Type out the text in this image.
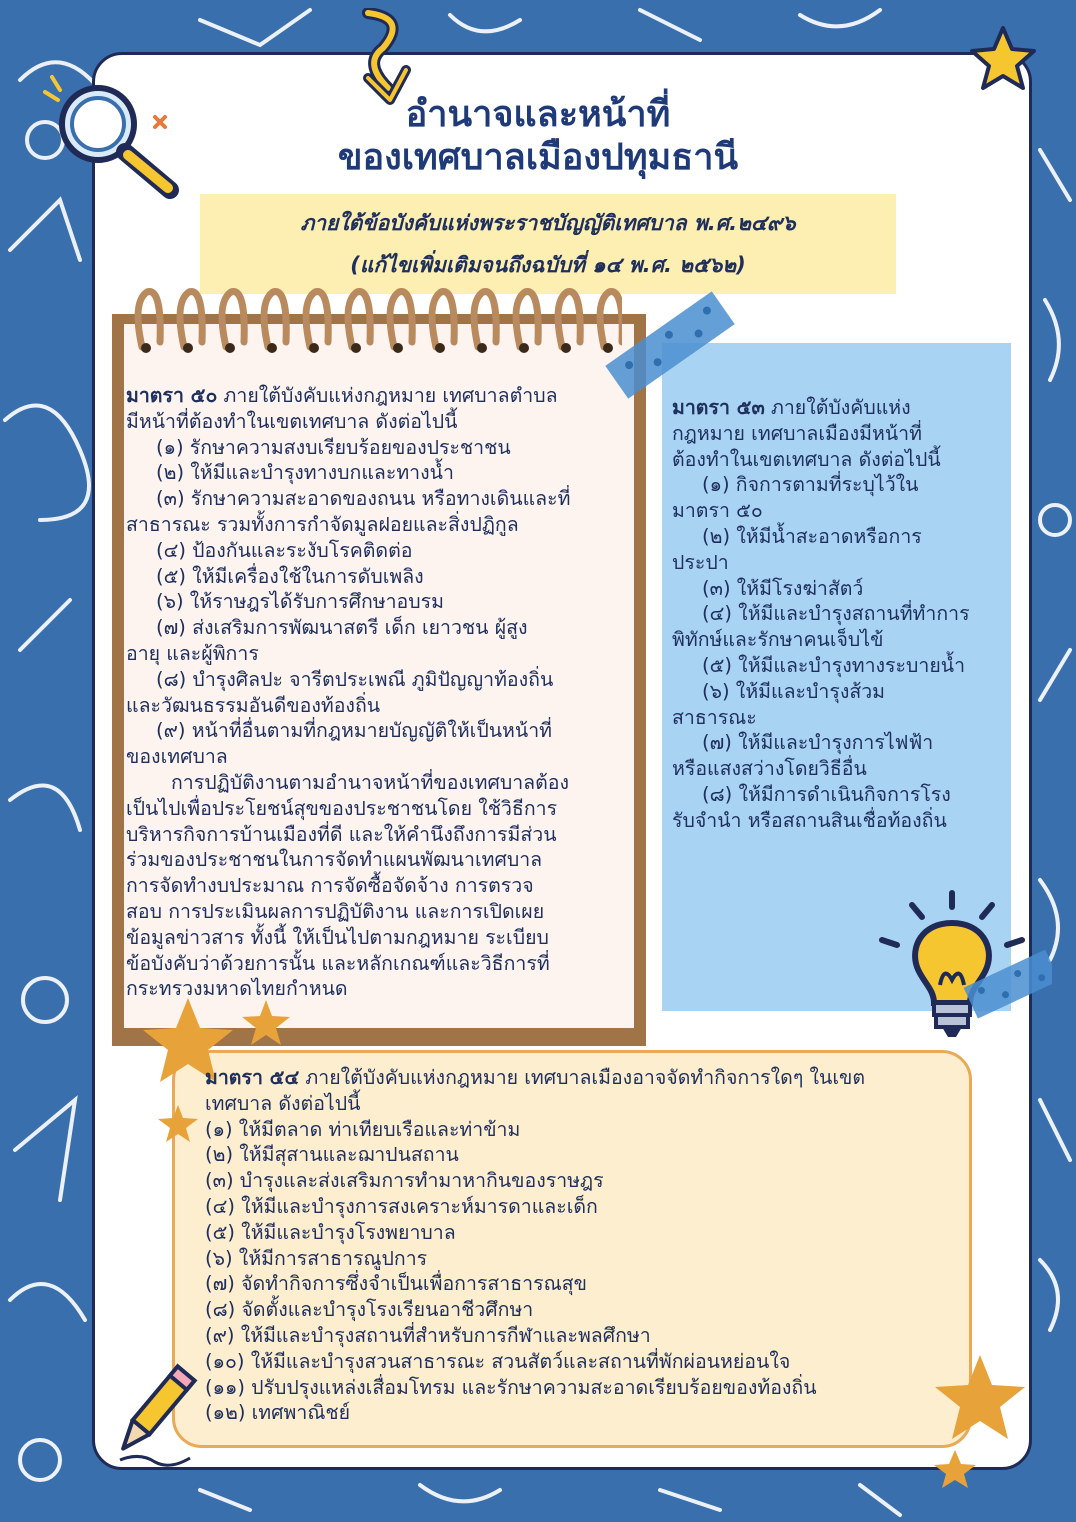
อำนาจและหน้าที่
ของเทศบาลเมืองปทุมธานี
ภายใต้ข้อบังคับแห่งพระราชบัญญัติเทศบาล พ.ศ.๒๔๙๖
(แก้ไขเพิ่มเติมจนถึงฉบับที่ ๑๔ พ.ศ. ๒๕๖๒)
มาตรา ๕๐ ภายใต้บังคับแห่งกฎหมาย เทศบาลตำบล
มีหน้าที่ต้องทำในเขตเทศบาล ดังต่อไปนี้
(๑) รักษาความสงบเรียบร้อยของประชาชน
(๒) ให้มีและบำรุงทางบกและทางน้ำ
(๓) รักษาความสะอาดของถนน หรือทางเดินและที่
สาธารณะ รวมทั้งการกำจัดมูลฝอยและสิ่งปฏิกูล
(๔) ป้องกันและระงับโรคติดต่อ
(๕) ให้มีเครื่องใช้ในการดับเพลิง
(๖) ให้ราษฎรได้รับการศึกษาอบรม
(๗) ส่งเสริมการพัฒนาสตรี เด็ก เยาวชน ผู้สูง
อายุ และผู้พิการ
(๘) บำรุงศิลปะ จารีตประเพณี ภูมิปัญญาท้องถิ่น
และวัฒนธรรมอันดีของท้องถิ่น
(๙) หน้าที่อื่นตามที่กฎหมายบัญญัติให้เป็นหน้าที่
ของเทศบาล
การปฏิบัติงานตามอำนาจหน้าที่ของเทศบาลต้อง
เป็นไปเพื่อประโยชน์สุขของประชาชนโดย ใช้วิธีการ
บริหารกิจการบ้านเมืองที่ดี และให้คำนึงถึงการมีส่วน
ร่วมของประชาชนในการจัดทำแผนพัฒนาเทศบาล
การจัดทำงบประมาณ การจัดซื้อจัดจ้าง การตรวจ
สอบ การประเมินผลการปฏิบัติงาน และการเปิดเผย
ข้อมูลข่าวสาร ทั้งนี้ ให้เป็นไปตามกฎหมาย ระเบียบ
ข้อบังคับว่าด้วยการนั้น และหลักเกณฑ์และวิธีการที่
กระทรวงมหาดไทยกำหนด
มาตรา ๕๓ ภายใต้บังคับแห่ง
กฎหมาย เทศบาลเมืองมีหน้าที่
ต้องทำในเขตเทศบาล ดังต่อไปนี้
(๑) กิจการตามที่ระบุไว้ใน
มาตรา ๕๐
(๒) ให้มีน้ำสะอาดหรือการ
ประปา
(๓) ให้มีโรงฆ่าสัตว์
(๔) ให้มีและบำรุงสถานที่ทำการ
พิทักษ์และรักษาคนเจ็บไข้
(๕) ให้มีและบำรุงทางระบายน้ำ
(๖) ให้มีและบำรุงส้วม
สาธารณะ
(๗) ให้มีและบำรุงการไฟฟ้า
หรือแสงสว่างโดยวิธีอื่น
(๘) ให้มีการดำเนินกิจการโรง
รับจำนำ หรือสถานสินเชื่อท้องถิ่น
มาตรา ๕๔ ภายใต้บังคับแห่งกฎหมาย เทศบาลเมืองอาจจัดทำกิจการใดๆ ในเขต
เทศบาล ดังต่อไปนี้
(๑) ให้มีตลาด ท่าเทียบเรือและท่าข้าม
(๒) ให้มีสุสานและฌาปนสถาน
(๓) บำรุงและส่งเสริมการทำมาหากินของราษฎร
(๔) ให้มีและบำรุงการสงเคราะห์มารดาและเด็ก
(๕) ให้มีและบำรุงโรงพยาบาล
(๖) ให้มีการสาธารณูปการ
(๗) จัดทำกิจการซึ่งจำเป็นเพื่อการสาธารณสุข
(๘) จัดตั้งและบำรุงโรงเรียนอาชีวศึกษา
(๙) ให้มีและบำรุงสถานที่สำหรับการกีฬาและพลศึกษา
(๑๐) ให้มีและบำรุงสวนสาธารณะ สวนสัตว์และสถานที่พักผ่อนหย่อนใจ
(๑๑) ปรับปรุงแหล่งเสื่อมโทรม และรักษาความสะอาดเรียบร้อยของท้องถิ่น
(๑๒) เทศพาณิชย์
